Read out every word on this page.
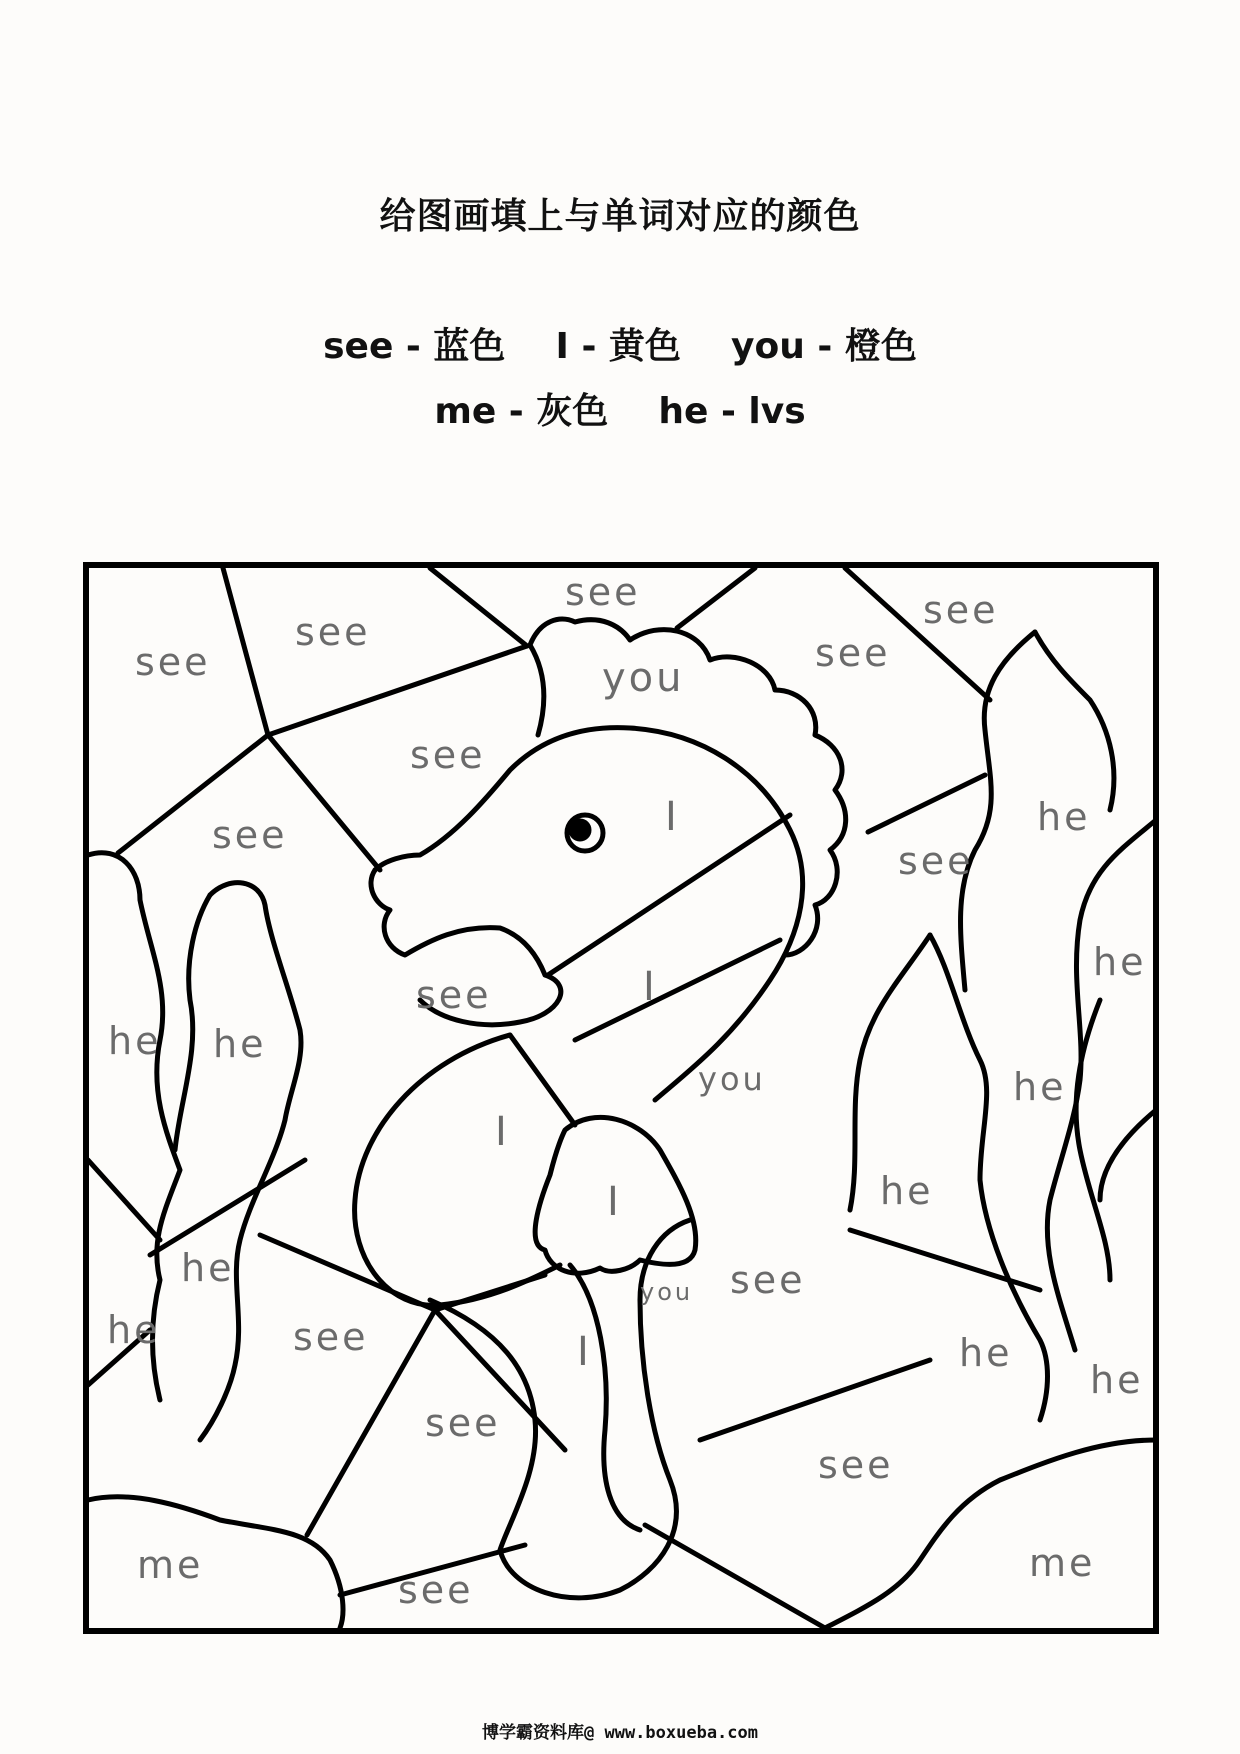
给图画填上与单词对应的颜色
see - 蓝色    I - 黄色    you - 橙色
me - 灰色    he - lvs
see
see
see
see
see
see
see
see
see
see
see
see
see
see
you
you
you
I
I
I
I
I
he
he
he he
he
he
he
he
he
he
me	me
博学霸资料库@ www.boxueba.com
